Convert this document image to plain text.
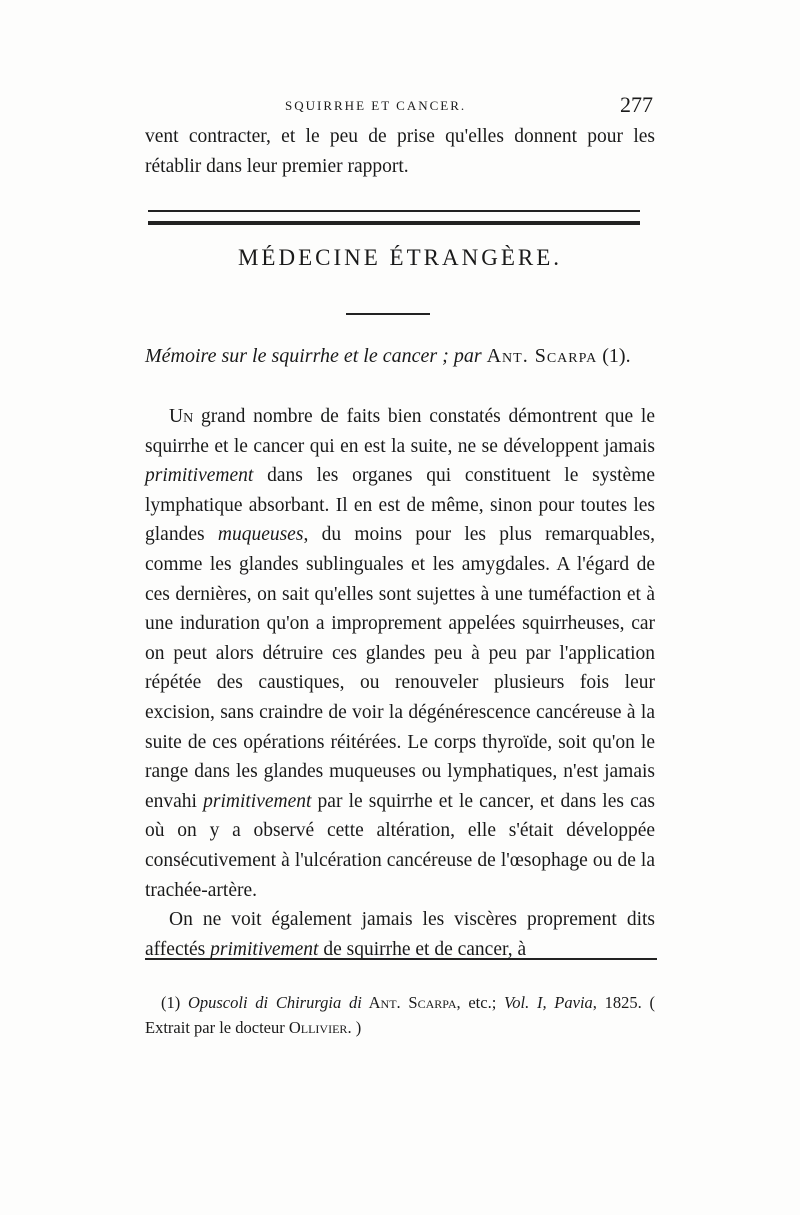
SQUIRRHE ET CANCER.	277
vent contracter, et le peu de prise qu'elles donnent pour les rétablir dans leur premier rapport.
MÉDECINE ÉTRANGÈRE.
Mémoire sur le squirrhe et le cancer ; par Ant. Scarpa (1).

Un grand nombre de faits bien constatés démontrent que le squirrhe et le cancer qui en est la suite, ne se développent jamais primitivement dans les organes qui constituent le système lymphatique absorbant. Il en est de même, sinon pour toutes les glandes muqueuses, du moins pour les plus remarquables, comme les glandes sublinguales et les amygdales. A l'égard de ces dernières, on sait qu'elles sont sujettes à une tuméfaction et à une induration qu'on a improprement appelées squirrheuses, car on peut alors détruire ces glandes peu à peu par l'application répétée des caustiques, ou renouveler plusieurs fois leur excision, sans craindre de voir la dégénérescence cancéreuse à la suite de ces opérations réitérées. Le corps thyroïde, soit qu'on le range dans les glandes muqueuses ou lymphatiques, n'est jamais envahi primitivement par le squirrhe et le cancer, et dans les cas où on y a observé cette altération, elle s'était développée consécutivement à l'ulcération cancéreuse de l'œsophage ou de la trachée-artère.

On ne voit également jamais les viscères proprement dits affectés primitivement de squirrhe et de cancer, à

(1) Opuscoli di Chirurgia di Ant. Scarpa, etc.; Vol. I, Pavia, 1825. ( Extrait par le docteur Ollivier. )
